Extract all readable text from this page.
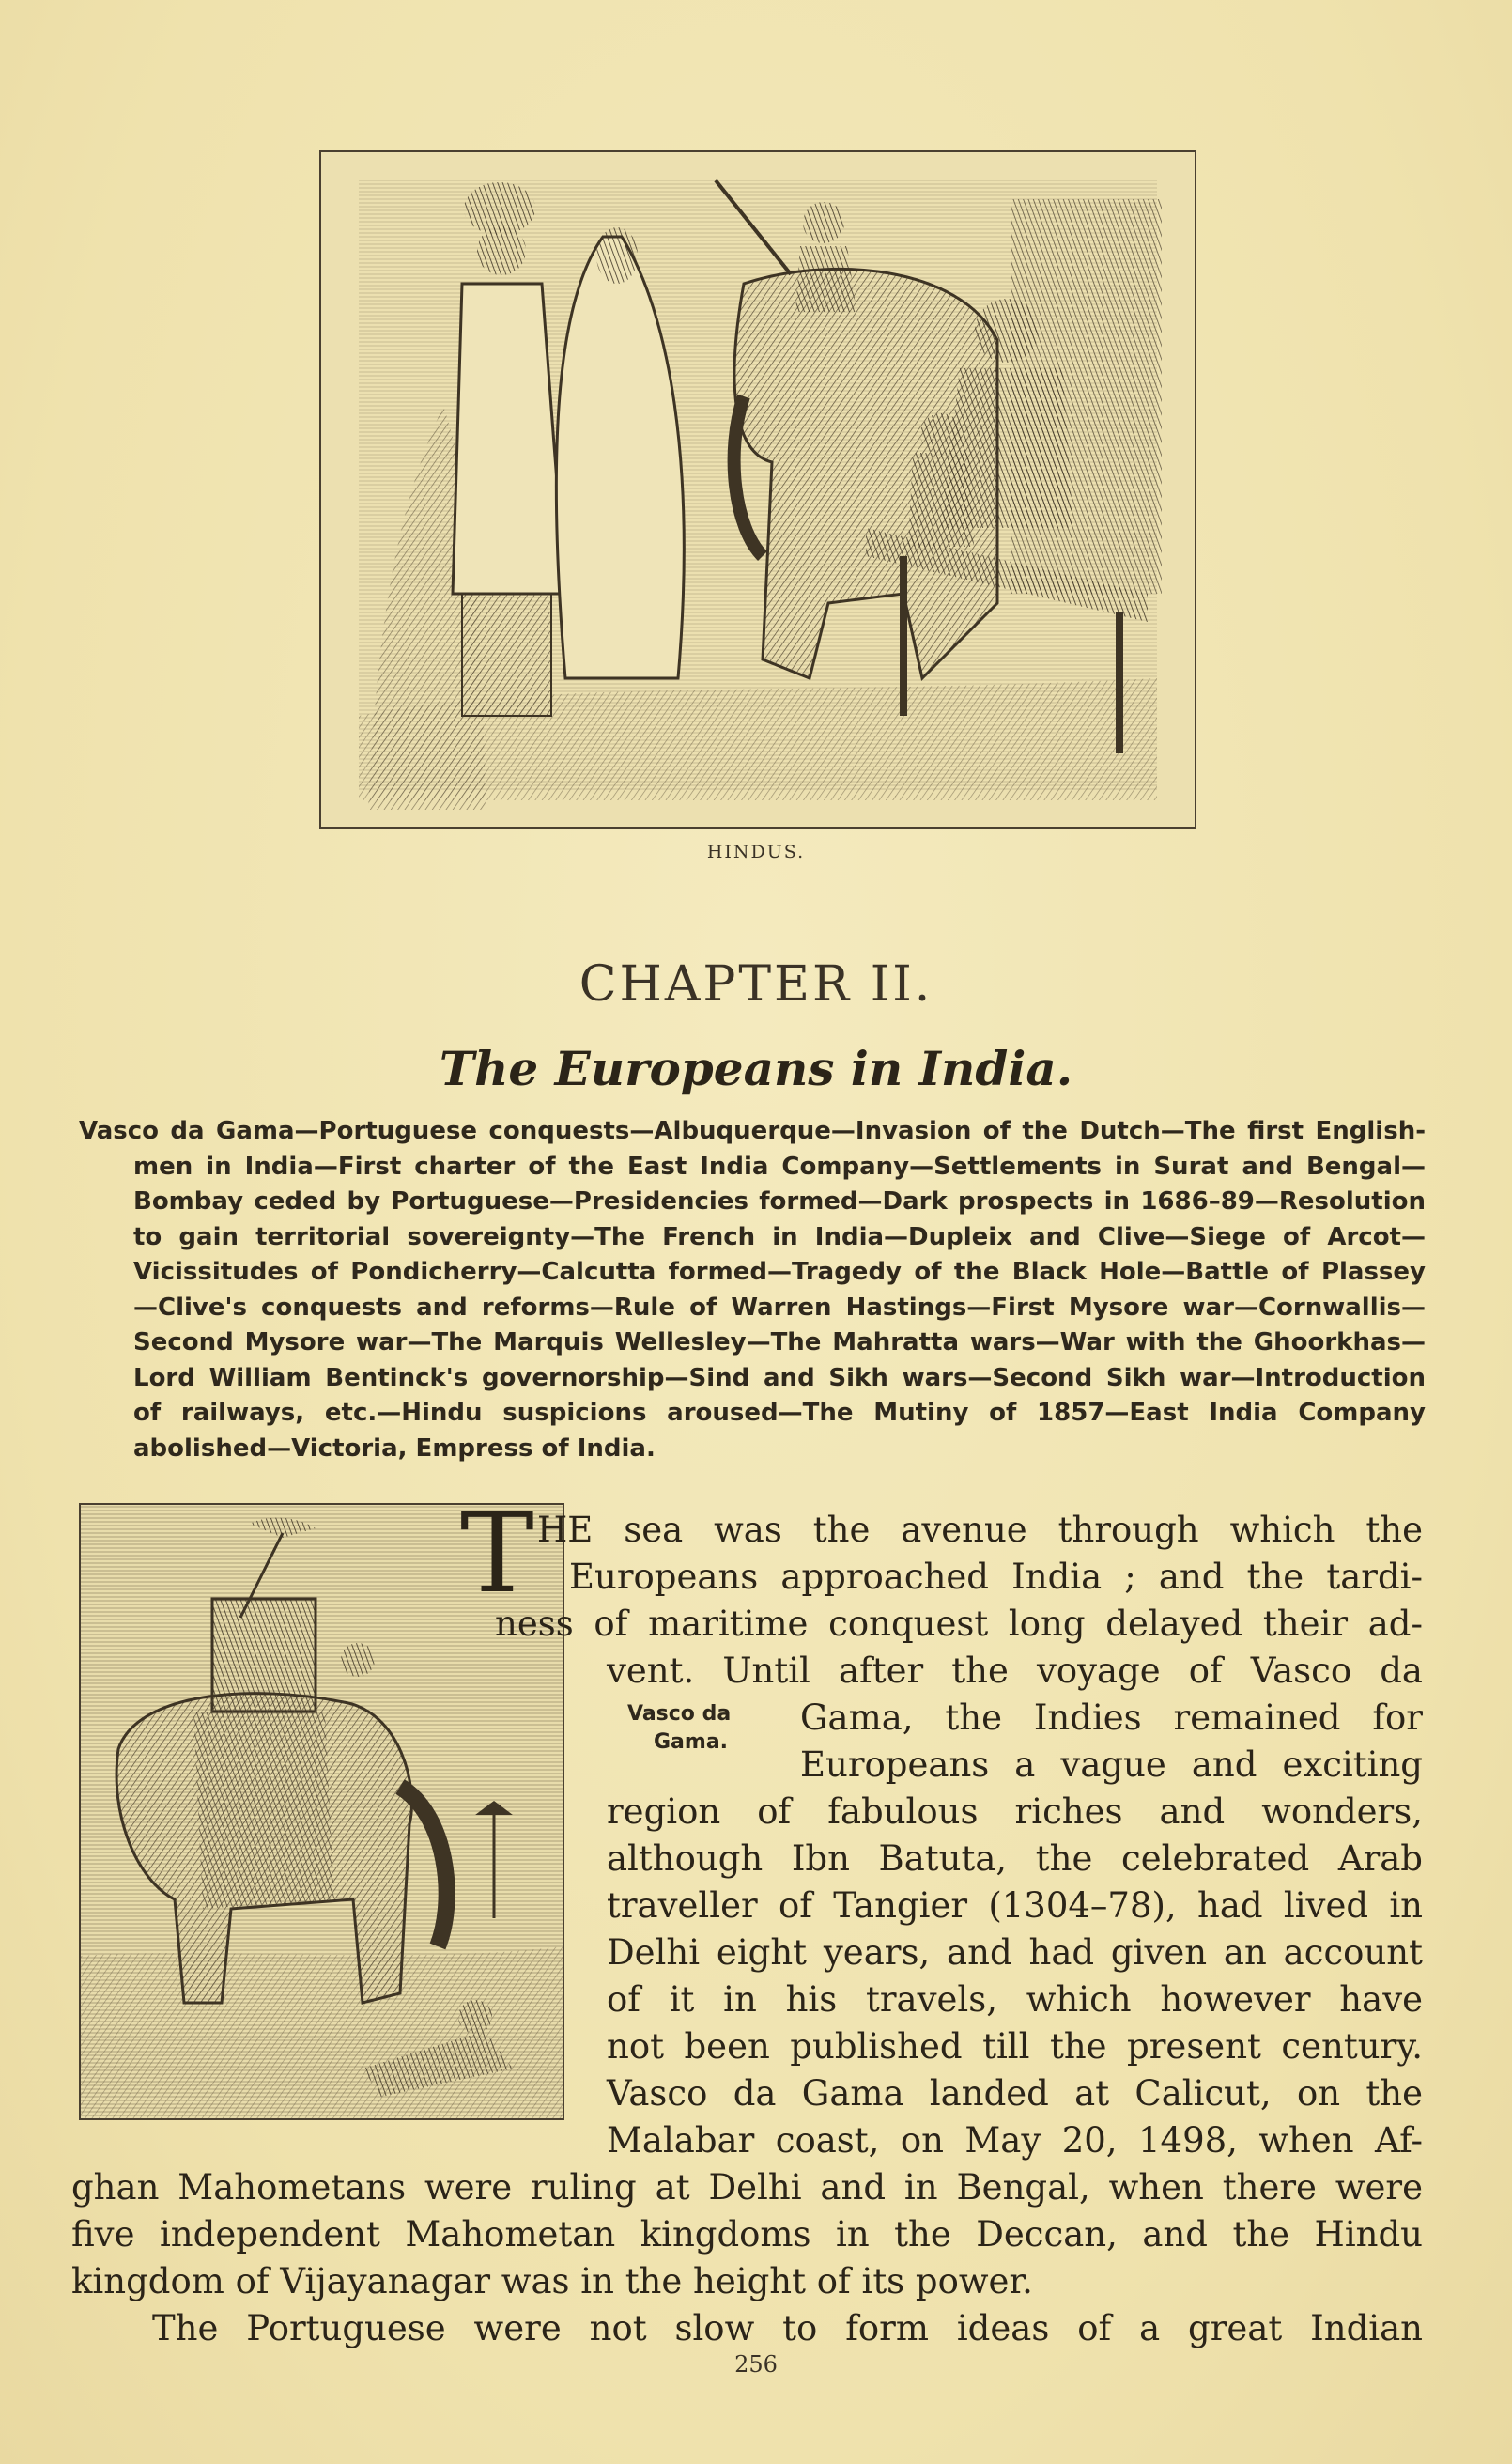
HINDUS.
CHAPTER II.
The Europeans in India.
Vasco da Gama—Portuguese conquests—Albuquerque—Invasion of the Dutch—The first English-
men in India—First charter of the East India Company—Settlements in Surat and Bengal—
Bombay ceded by Portuguese—Presidencies formed—Dark prospects in 1686–89—Resolution
to gain territorial sovereignty—The French in India—Dupleix and Clive—Siege of Arcot—
Vicissitudes of Pondicherry—Calcutta formed—Tragedy of the Black Hole—Battle of Plassey
—Clive's conquests and reforms—Rule of Warren Hastings—First Mysore war—Cornwallis—
Second Mysore war—The Marquis Wellesley—The Mahratta wars—War with the Ghoorkhas—
Lord William Bentinck's governorship—Sind and Sikh wars—Second Sikh war—Introduction
of railways, etc.—Hindu suspicions aroused—The Mutiny of 1857—East India Company
abolished—Victoria, Empress of India.
T HE sea was the avenue through which the
Europeans approached India ; and the tardi-
ness of maritime conquest long delayed their ad-
vent. Until after the voyage of Vasco da
Gama, the Indies remained for
Europeans a vague and exciting
region of fabulous riches and wonders,
although Ibn Batuta, the celebrated Arab
traveller of Tangier (1304–78), had lived in
Delhi eight years, and had given an account
of it in his travels, which however have
not been published till the present century.
Vasco da Gama landed at Calicut, on the
Malabar coast, on May 20, 1498, when Af-
ghan Mahometans were ruling at Delhi and in Bengal, when there were
five independent Mahometan kingdoms in the Deccan, and the Hindu
kingdom of Vijayanagar was in the height of its power.
The Portuguese were not slow to form ideas of a great Indian
Vasco da
Gama.
256
